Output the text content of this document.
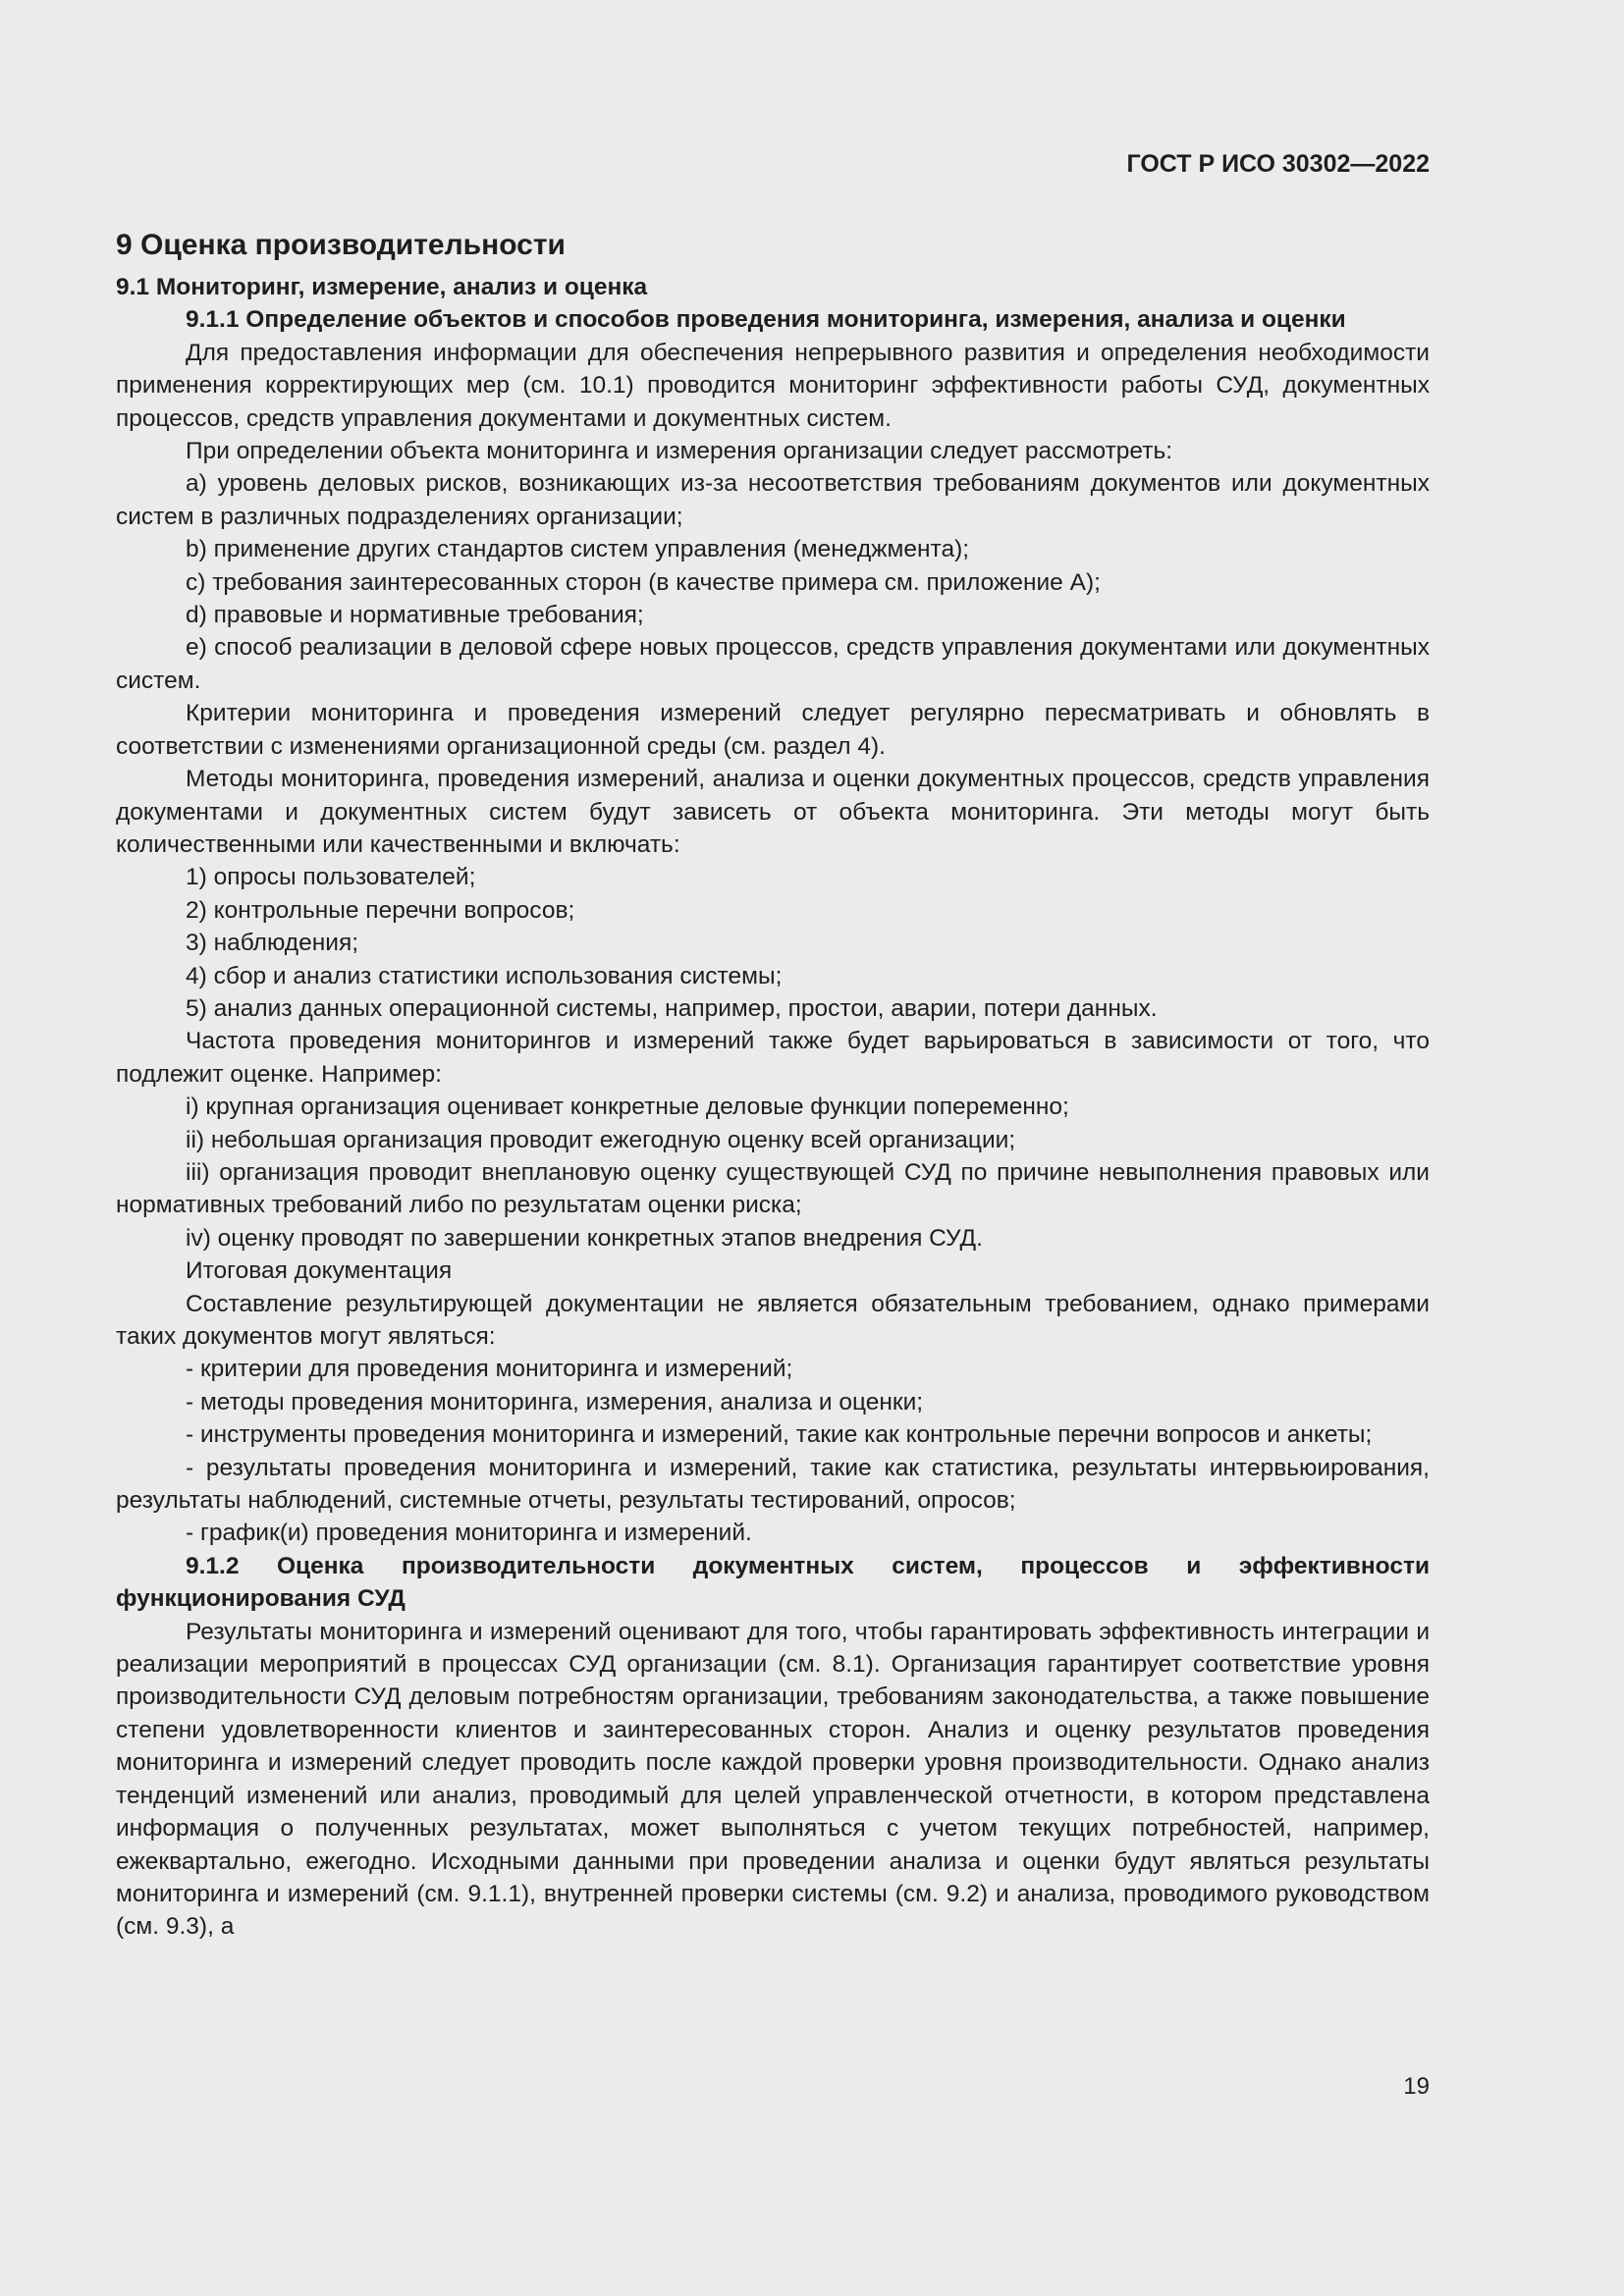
ГОСТ Р ИСО 30302—2022

9 Оценка производительности

9.1 Мониторинг, измерение, анализ и оценка

9.1.1 Определение объектов и способов проведения мониторинга, измерения, анализа и оценки

Для предоставления информации для обеспечения непрерывного развития и определения необходимости применения корректирующих мер (см. 10.1) проводится мониторинг эффективности работы СУД, документных процессов, средств управления документами и документных систем.

При определении объекта мониторинга и измерения организации следует рассмотреть:

a) уровень деловых рисков, возникающих из-за несоответствия требованиям документов или документных систем в различных подразделениях организации;

b) применение других стандартов систем управления (менеджмента);

c) требования заинтересованных сторон (в качестве примера см. приложение А);

d) правовые и нормативные требования;

e) способ реализации в деловой сфере новых процессов, средств управления документами или документных систем.

Критерии мониторинга и проведения измерений следует регулярно пересматривать и обновлять в соответствии с изменениями организационной среды (см. раздел 4).

Методы мониторинга, проведения измерений, анализа и оценки документных процессов, средств управления документами и документных систем будут зависеть от объекта мониторинга. Эти методы могут быть количественными или качественными и включать:

1) опросы пользователей;

2) контрольные перечни вопросов;

3) наблюдения;

4) сбор и анализ статистики использования системы;

5) анализ данных операционной системы, например, простои, аварии, потери данных.

Частота проведения мониторингов и измерений также будет варьироваться в зависимости от того, что подлежит оценке. Например:

i) крупная организация оценивает конкретные деловые функции попеременно;

ii) небольшая организация проводит ежегодную оценку всей организации;

iii) организация проводит внеплановую оценку существующей СУД по причине невыполнения правовых или нормативных требований либо по результатам оценки риска;

iv) оценку проводят по завершении конкретных этапов внедрения СУД.

Итоговая документация

Составление результирующей документации не является обязательным требованием, однако примерами таких документов могут являться:

- критерии для проведения мониторинга и измерений;

- методы проведения мониторинга, измерения, анализа и оценки;

- инструменты проведения мониторинга и измерений, такие как контрольные перечни вопросов и анкеты;

- результаты проведения мониторинга и измерений, такие как статистика, результаты интервьюирования, результаты наблюдений, системные отчеты, результаты тестирований, опросов;

- график(и) проведения мониторинга и измерений.

9.1.2 Оценка производительности документных систем, процессов и эффективности функционирования СУД

Результаты мониторинга и измерений оценивают для того, чтобы гарантировать эффективность интеграции и реализации мероприятий в процессах СУД организации (см. 8.1). Организация гарантирует соответствие уровня производительности СУД деловым потребностям организации, требованиям законодательства, а также повышение степени удовлетворенности клиентов и заинтересованных сторон. Анализ и оценку результатов проведения мониторинга и измерений следует проводить после каждой проверки уровня производительности. Однако анализ тенденций изменений или анализ, проводимый для целей управленческой отчетности, в котором представлена информация о полученных результатах, может выполняться с учетом текущих потребностей, например, ежеквартально, ежегодно. Исходными данными при проведении анализа и оценки будут являться результаты мониторинга и измерений (см. 9.1.1), внутренней проверки системы (см. 9.2) и анализа, проводимого руководством (см. 9.3), а

19
